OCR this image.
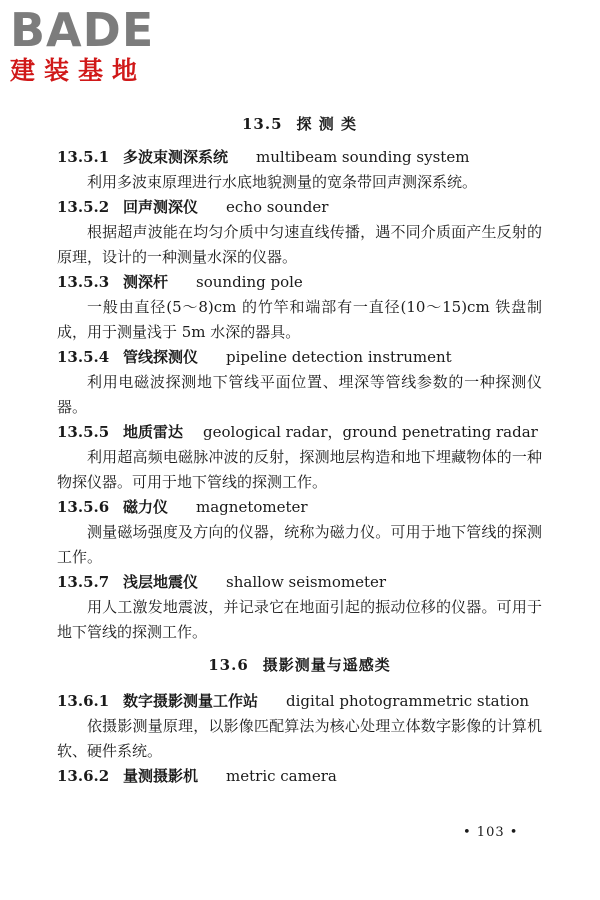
BADE
建装基地
13.5 探 测 类
13.5.1 多波束测深系统 multibeam sounding system

利用多波束原理进行水底地貌测量的宽条带回声测深系统。

13.5.2 回声测深仪 echo sounder

根据超声波能在均匀介质中匀速直线传播，遇不同介质面产生反射的原理，设计的一种测量水深的仪器。

13.5.3 测深杆 sounding pole

一般由直径(5～8)cm 的竹竿和端部有一直径(10～15)cm 铁盘制成，用于测量浅于 5m 水深的器具。

13.5.4 管线探测仪 pipeline detection instrument

利用电磁波探测地下管线平面位置、埋深等管线参数的一种探测仪器。

13.5.5 地质雷达 geological radar，ground penetrating radar

利用超高频电磁脉冲波的反射，探测地层构造和地下埋藏物体的一种物探仪器。可用于地下管线的探测工作。

13.5.6 磁力仪 magnetometer

测量磁场强度及方向的仪器，统称为磁力仪。可用于地下管线的探测工作。

13.5.7 浅层地震仪 shallow seismometer

用人工激发地震波，并记录它在地面引起的振动位移的仪器。可用于地下管线的探测工作。

13.6 摄影测量与遥感类
13.6.1 数字摄影测量工作站 digital photogrammetric station

依摄影测量原理，以影像匹配算法为核心处理立体数字影像的计算机软、硬件系统。

13.6.2 量测摄影机 metric camera
• 103 •
